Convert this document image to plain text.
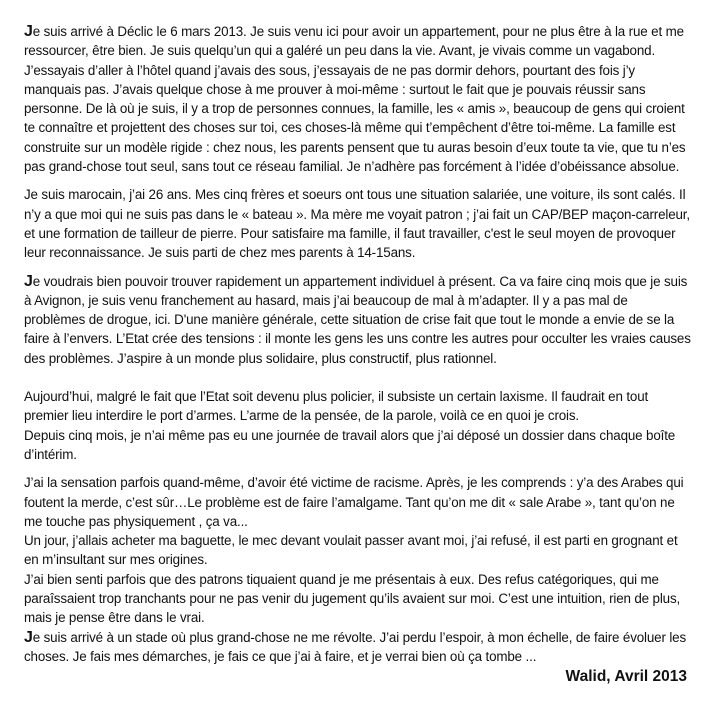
Je suis arrivé à Déclic le 6 mars 2013. Je suis venu ici pour avoir un appartement, pour ne plus être à la rue et me ressourcer, être bien. Je suis quelqu’un qui a galéré un peu dans la vie. Avant, je vivais comme un vagabond. J’essayais d’aller à l’hôtel quand j’avais des sous, j’essayais de ne pas dormir dehors, pourtant des fois j’y manquais pas. J’avais quelque chose à me prouver à moi-même : surtout le fait que je pouvais réussir sans personne. De là où je suis, il y a trop de personnes connues, la famille, les « amis », beaucoup de gens qui croient te connaître et projettent des choses sur toi, ces choses-là même qui t’empêchent d’être toi-même. La famille est construite sur un modèle rigide : chez nous, les parents pensent que tu auras besoin d’eux toute ta vie, que tu n’es pas grand-chose tout seul, sans tout ce réseau familial. Je n’adhère pas forcément à l’idée d’obéissance absolue.

Je suis marocain, j’ai 26 ans. Mes cinq frères et soeurs ont tous une situation salariée, une voiture, ils sont calés. Il n’y a que moi qui ne suis pas dans le « bateau ». Ma mère me voyait patron ; j’ai fait un CAP/BEP maçon-carreleur, et une formation de tailleur de pierre. Pour satisfaire ma famille, il faut travailler, c'est le seul moyen de provoquer leur reconnaissance. Je suis parti de chez mes parents à 14-15ans.

Je voudrais bien pouvoir trouver rapidement un appartement individuel à présent. Ca va faire cinq mois que je suis à Avignon, je suis venu franchement au hasard, mais j’ai beaucoup de mal à m’adapter. Il y a pas mal de problèmes de drogue, ici. D'une manière générale, cette situation de crise fait que tout le monde a envie de se la faire à l’envers. L’Etat crée des tensions : il monte les gens les uns contre les autres pour occulter les vraies causes des problèmes. J’aspire à un monde plus solidaire, plus constructif, plus rationnel.

Aujourd’hui, malgré le fait que l’Etat soit devenu plus policier, il subsiste un certain laxisme. Il faudrait en tout premier lieu interdire le port d’armes. L’arme de la pensée, de la parole, voilà ce en quoi je crois.

Depuis cinq mois, je n’ai même pas eu une journée de travail alors que j’ai déposé un dossier dans chaque boîte d’intérim.

J’ai la sensation parfois quand-même, d’avoir été victime de racisme. Après, je les comprends : y’a des Arabes qui foutent la merde, c’est sûr…Le problème est de faire l’amalgame. Tant qu’on me dit « sale Arabe », tant qu’on ne me touche pas physiquement , ça va...

Un jour, j’allais acheter ma baguette, le mec devant voulait passer avant moi, j’ai refusé, il est parti en grognant et en m’insultant sur mes origines.

J’ai bien senti parfois que des patrons tiquaient quand je me présentais à eux. Des refus catégoriques, qui me paraîssaient trop tranchants pour ne pas venir du jugement qu’ils avaient sur moi. C’est une intuition, rien de plus, mais je pense être dans le vrai.

Je suis arrivé à un stade où plus grand-chose ne me révolte. J’ai perdu l’espoir, à mon échelle, de faire évoluer les choses. Je fais mes démarches, je fais ce que j’ai à faire, et je verrai bien où ça tombe ...

Walid, Avril 2013
